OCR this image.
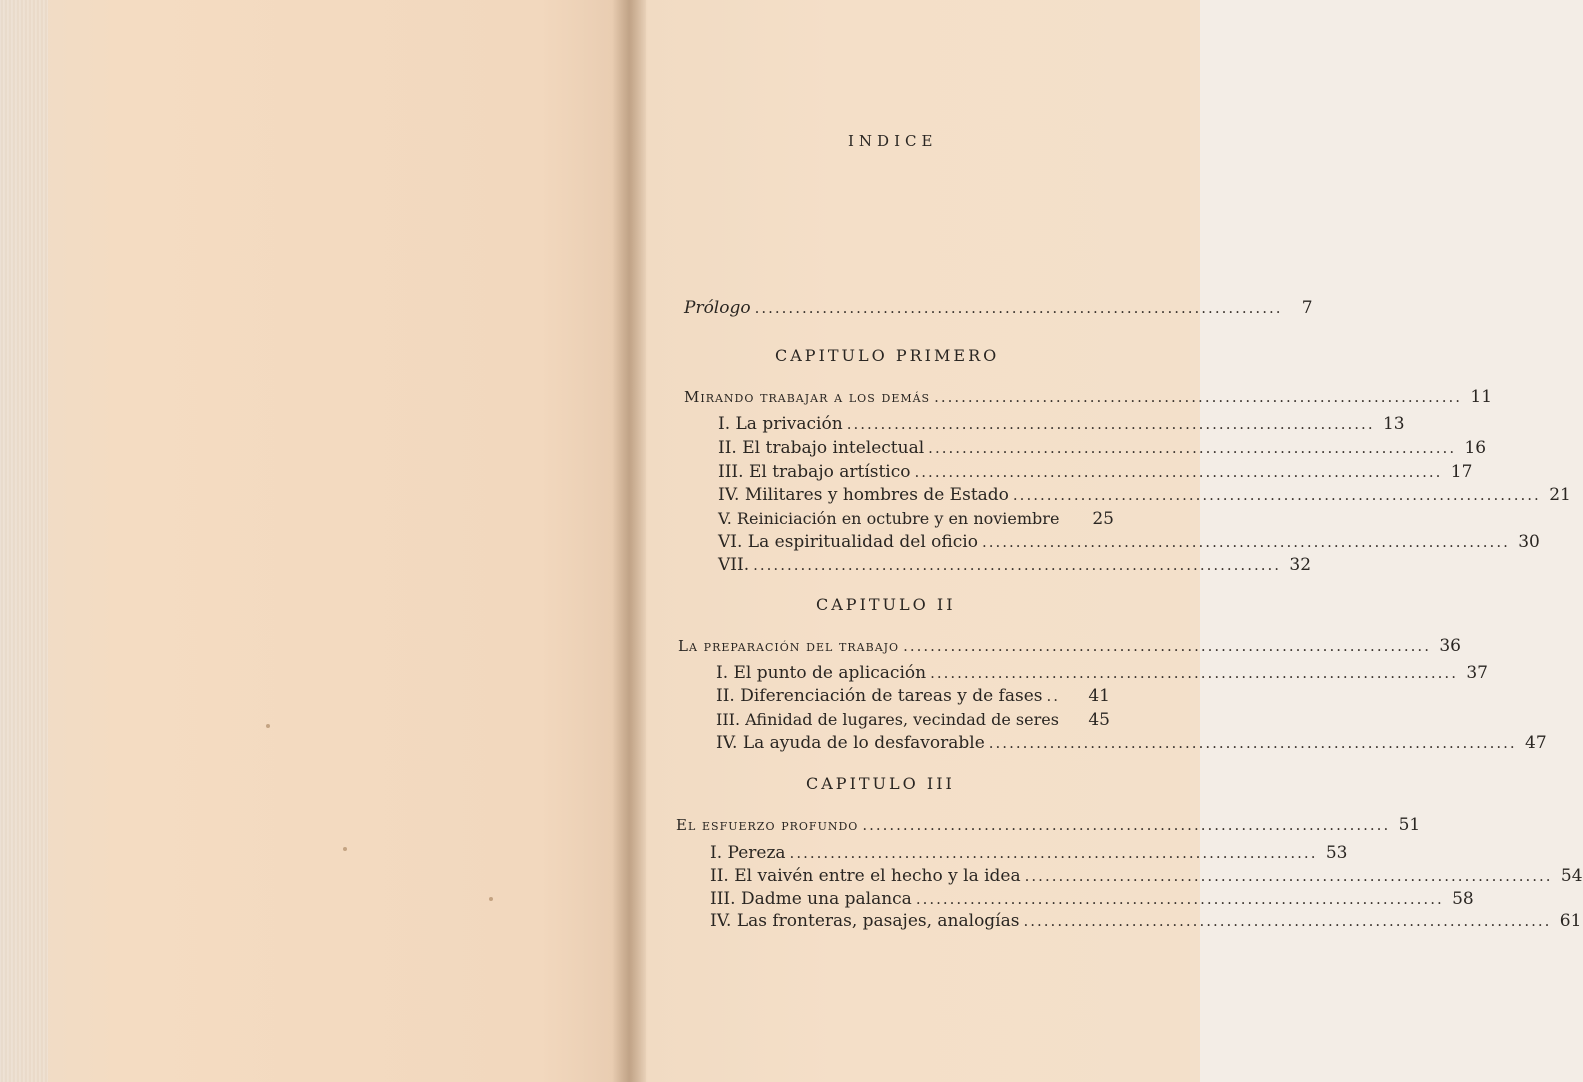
INDICE
Prólogo ..............................................................................	7
CAPITULO PRIMERO
Mirando trabajar a los demás .............................................................................. 11
I. La privación .............................................................................. 13
II. El trabajo intelectual .............................................................................. 16
III. El trabajo artístico .............................................................................. 17
IV. Militares y hombres de Estado .............................................................................. 21
V. Reiniciación en octubre y en noviembre 25
VI. La espiritualidad del oficio .............................................................................. 30
VII. .............................................................................. 32
CAPITULO II
La preparación del trabajo .............................................................................. 36
I. El punto de aplicación .............................................................................. 37
II. Diferenciación de tareas y de fases ..	41
III. Afinidad de lugares, vecindad de seres 45
IV. La ayuda de lo desfavorable .............................................................................. 47
CAPITULO III
El esfuerzo profundo .............................................................................. 51
I. Pereza .............................................................................. 53
II. El vaivén entre el hecho y la idea .............................................................................. 54
III. Dadme una palanca .............................................................................. 58
IV. Las fronteras, pasajes, analogías .............................................................................. 61
